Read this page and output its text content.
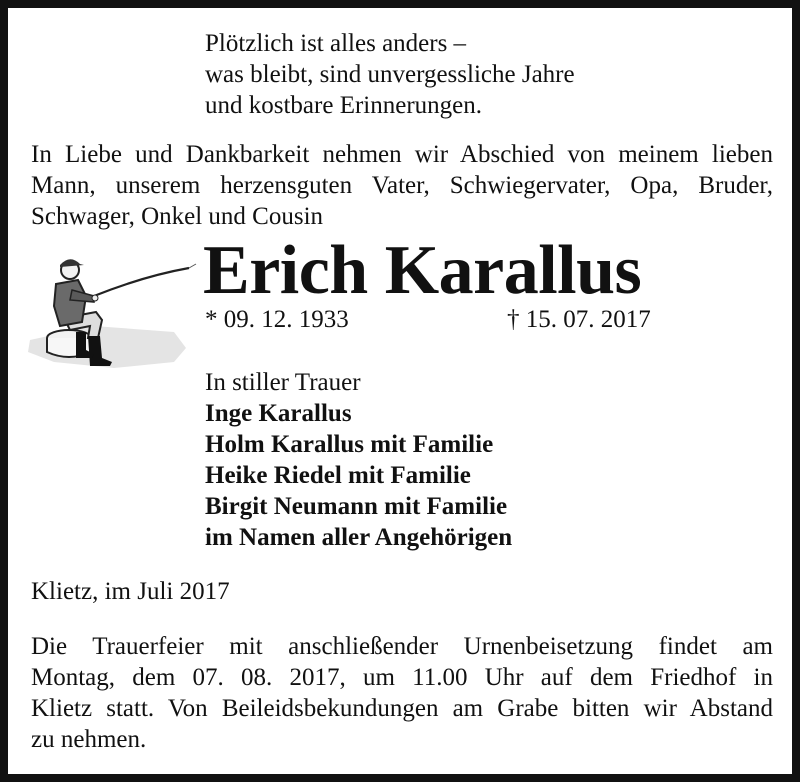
Plötzlich ist alles anders –
was bleibt, sind unvergessliche Jahre
und kostbare Erinnerungen.

In Liebe und Dankbarkeit nehmen wir Abschied von meinem lieben
Mann, unserem herzensguten Vater, Schwiegervater, Opa, Bruder,
Schwager, Onkel und Cousin

Erich Karallus

* 09. 12. 1933	† 15. 07. 2017

In stiller Trauer
Inge Karallus
Holm Karallus mit Familie
Heike Riedel mit Familie
Birgit Neumann mit Familie
im Namen aller Angehörigen

Klietz, im Juli 2017

Die Trauerfeier mit anschließender Urnenbeisetzung findet am
Montag, dem 07. 08. 2017, um 11.00 Uhr auf dem Friedhof in
Klietz statt. Von Beileidsbekundungen am Grabe bitten wir Abstand
zu nehmen.
